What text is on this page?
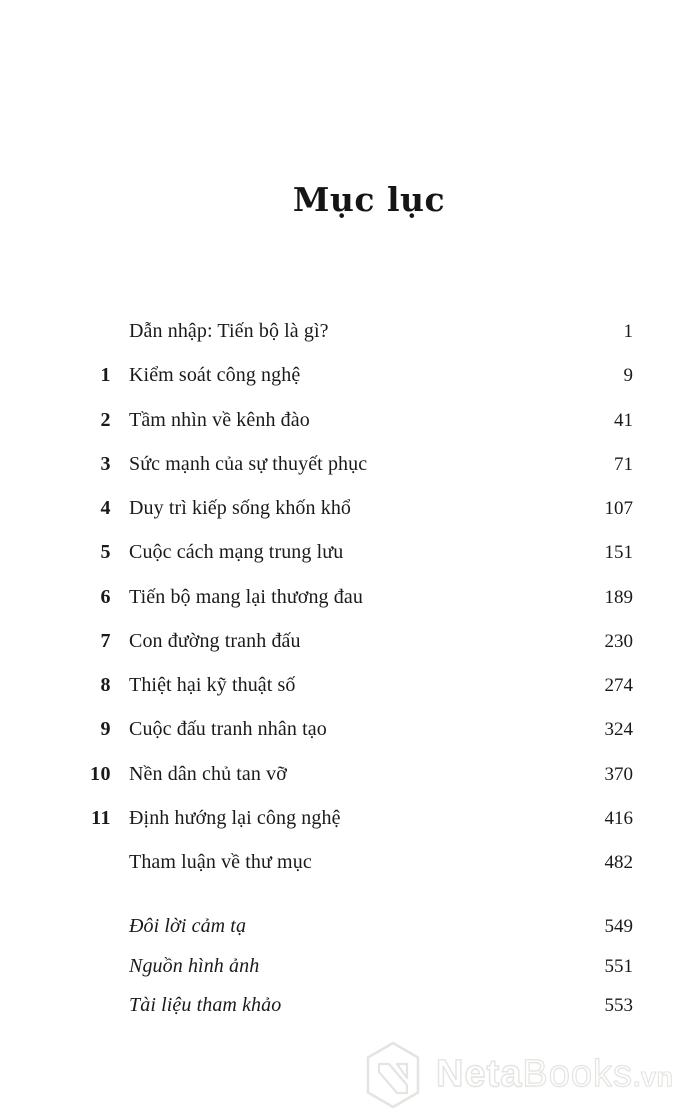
Mục lục
Dẫn nhập: Tiến bộ là gì?	1
1 Kiểm soát công nghệ	9
2 Tầm nhìn về kênh đào	41
3 Sức mạnh của sự thuyết phục	71
4 Duy trì kiếp sống khốn khổ	107
5 Cuộc cách mạng trung lưu	151
6 Tiến bộ mang lại thương đau	189
7 Con đường tranh đấu	230
8 Thiệt hại kỹ thuật số	274
9 Cuộc đấu tranh nhân tạo	324
10 Nền dân chủ tan vỡ	370
11 Định hướng lại công nghệ	416
Tham luận về thư mục	482
Đôi lời cảm tạ	549
Nguồn hình ảnh	551
Tài liệu tham khảo	553
NetaBooks.vn
